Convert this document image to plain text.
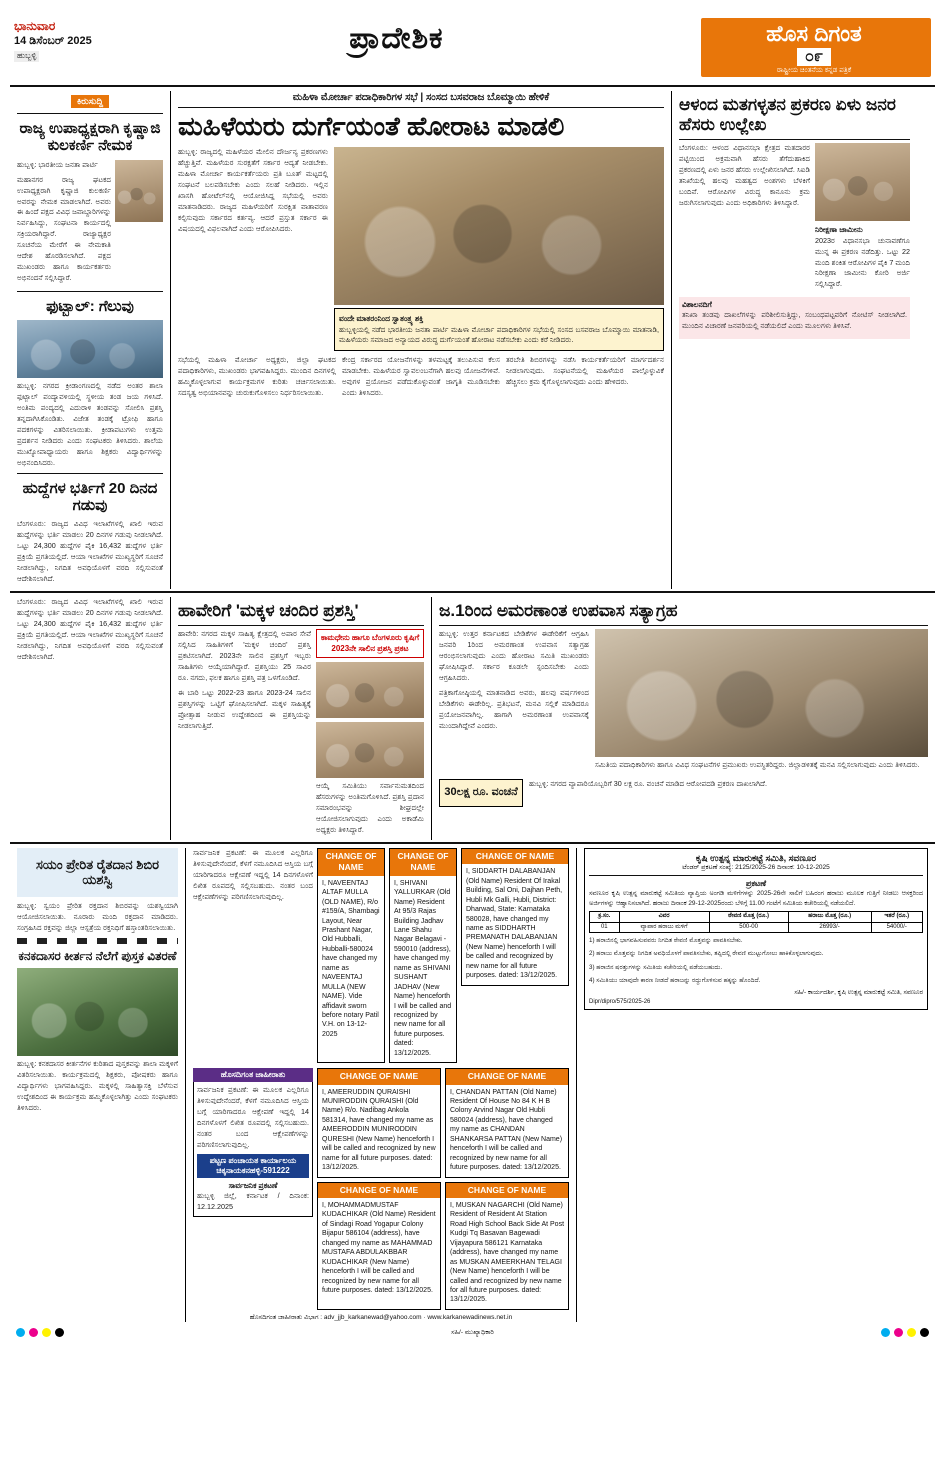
ಭಾನುವಾರ
14 ಡಿಸೆಂಬರ್ 2025
ಹುಬ್ಬಳ್ಳಿ
ಪ್ರಾದೇಶಿಕ	ಹೊಸ ದಿಗಂತ
೦೯
ರಾಷ್ಟ್ರೀಯ ಚಿಂತನೆಯ ಕನ್ನಡ ಪತ್ರಿಕೆ
ಕಿರುಸುದ್ದಿ
ರಾಜ್ಯ ಉಪಾಧ್ಯಕ್ಷರಾಗಿ ಕೃಷ್ಣಾಜಿ ಕುಲಕರ್ಣಿ ನೇಮಕ

ಹುಬ್ಬಳ್ಳಿ: ಭಾರತೀಯ ಜನತಾ ಪಾರ್ಟಿ

ಮಹಾನಗರ ರಾಜ್ಯ ಘಟಕದ ಉಪಾಧ್ಯಕ್ಷರಾಗಿ ಕೃಷ್ಣಾಜಿ ಕುಲಕರ್ಣಿ ಅವರನ್ನು ನೇಮಕ ಮಾಡಲಾಗಿದೆ. ಅವರು ಈ ಹಿಂದೆ ಪಕ್ಷದ ವಿವಿಧ ಜವಾಬ್ದಾರಿಗಳನ್ನು ನಿರ್ವಹಿಸಿದ್ದು, ಸಂಘಟನಾ ಕಾರ್ಯದಲ್ಲಿ ಸಕ್ರಿಯರಾಗಿದ್ದಾರೆ. ರಾಜ್ಯಾಧ್ಯಕ್ಷರ ಸೂಚನೆಯ ಮೇರೆಗೆ ಈ ನೇಮಕಾತಿ ಆದೇಶ ಹೊರಡಿಸಲಾಗಿದೆ. ಪಕ್ಷದ ಮುಖಂಡರು ಹಾಗೂ ಕಾರ್ಯಕರ್ತರು ಅಭಿನಂದನೆ ಸಲ್ಲಿಸಿದ್ದಾರೆ.

ಫುಟ್ಬಾಲ್: ಗೆಲುವು

ಹುಬ್ಬಳ್ಳಿ: ನಗರದ ಕ್ರೀಡಾಂಗಣದಲ್ಲಿ ನಡೆದ ಅಂತರ ಶಾಲಾ ಫುಟ್ಬಾಲ್ ಪಂದ್ಯಾವಳಿಯಲ್ಲಿ ಸ್ಥಳೀಯ ತಂಡ ಜಯ ಗಳಿಸಿದೆ. ಅಂತಿಮ ಪಂದ್ಯದಲ್ಲಿ ಎದುರಾಳಿ ತಂಡವನ್ನು ಸೋಲಿಸಿ ಪ್ರಶಸ್ತಿ ತನ್ನದಾಗಿಸಿಕೊಂಡಿತು. ವಿಜೇತ ತಂಡಕ್ಕೆ ಟ್ರೋಫಿ ಹಾಗೂ ಪದಕಗಳನ್ನು ವಿತರಿಸಲಾಯಿತು. ಕ್ರೀಡಾಪಟುಗಳು ಉತ್ತಮ ಪ್ರದರ್ಶನ ನೀಡಿದರು ಎಂದು ಸಂಘಟಕರು ತಿಳಿಸಿದರು. ಶಾಲೆಯ ಮುಖ್ಯೋಪಾಧ್ಯಾಯರು ಹಾಗೂ ಶಿಕ್ಷಕರು ವಿದ್ಯಾರ್ಥಿಗಳನ್ನು ಅಭಿನಂದಿಸಿದರು.

ಹುದ್ದೆಗಳ ಭರ್ತಿಗೆ 20 ದಿನದ ಗಡುವು

ಬೆಂಗಳೂರು: ರಾಜ್ಯದ ವಿವಿಧ ಇಲಾಖೆಗಳಲ್ಲಿ ಖಾಲಿ ಇರುವ ಹುದ್ದೆಗಳನ್ನು ಭರ್ತಿ ಮಾಡಲು 20 ದಿನಗಳ ಗಡುವು ನೀಡಲಾಗಿದೆ. ಒಟ್ಟು 24,300 ಹುದ್ದೆಗಳ ಪೈಕಿ 16,432 ಹುದ್ದೆಗಳ ಭರ್ತಿ ಪ್ರಕ್ರಿಯೆ ಪ್ರಗತಿಯಲ್ಲಿದೆ. ಆಯಾ ಇಲಾಖೆಗಳ ಮುಖ್ಯಸ್ಥರಿಗೆ ಸೂಚನೆ ನೀಡಲಾಗಿದ್ದು, ನಿಗದಿತ ಅವಧಿಯೊಳಗೆ ವರದಿ ಸಲ್ಲಿಸುವಂತೆ ಆದೇಶಿಸಲಾಗಿದೆ.

ಮಹಿಳಾ ಮೋರ್ಚಾ ಪದಾಧಿಕಾರಿಗಳ ಸಭೆ | ಸಂಸದ ಬಸವರಾಜ ಬೊಮ್ಮಾಯಿ ಹೇಳಿಕೆ
ಮಹಿಳೆಯರು ದುರ್ಗೆಯಂತೆ ಹೋರಾಟ ಮಾಡಲಿ

ಹುಬ್ಬಳ್ಳಿ: ರಾಜ್ಯದಲ್ಲಿ ಮಹಿಳೆಯರ ಮೇಲಿನ ದೌರ್ಜನ್ಯ ಪ್ರಕರಣಗಳು ಹೆಚ್ಚುತ್ತಿವೆ. ಮಹಿಳೆಯರ ಸುರಕ್ಷತೆಗೆ ಸರ್ಕಾರ ಆದ್ಯತೆ ನೀಡಬೇಕು. ಮಹಿಳಾ ಮೋರ್ಚಾ ಕಾರ್ಯಕರ್ತೆಯರು ಪ್ರತಿ ಬೂತ್ ಮಟ್ಟದಲ್ಲಿ ಸಂಘಟನೆ ಬಲಪಡಿಸಬೇಕು ಎಂದು ಸಲಹೆ ನೀಡಿದರು. ಇಲ್ಲಿನ ಖಾಸಗಿ ಹೋಟೆಲ್‌ನಲ್ಲಿ ಆಯೋಜಿಸಿದ್ದ ಸಭೆಯಲ್ಲಿ ಅವರು ಮಾತನಾಡಿದರು. ರಾಜ್ಯದ ಮಹಿಳೆಯರಿಗೆ ಸುರಕ್ಷಿತ ವಾತಾವರಣ ಕಲ್ಪಿಸುವುದು ಸರ್ಕಾರದ ಕರ್ತವ್ಯ. ಆದರೆ ಪ್ರಸ್ತುತ ಸರ್ಕಾರ ಈ ವಿಷಯದಲ್ಲಿ ವಿಫಲವಾಗಿದೆ ಎಂದು ಆರೋಪಿಸಿದರು.

ವಂದೇ ಮಾತರಂನಿಂದ ಸ್ವಾತಂತ್ರ್ಯ ಶಕ್ತಿ
ಹುಬ್ಬಳ್ಳಿಯಲ್ಲಿ ನಡೆದ ಭಾರತೀಯ ಜನತಾ ಪಾರ್ಟಿ ಮಹಿಳಾ ಮೋರ್ಚಾ ಪದಾಧಿಕಾರಿಗಳ ಸಭೆಯಲ್ಲಿ ಸಂಸದ ಬಸವರಾಜ ಬೊಮ್ಮಾಯಿ ಮಾತನಾಡಿ, ಮಹಿಳೆಯರು ಸಮಾಜದ ಅನ್ಯಾಯದ ವಿರುದ್ಧ ದುರ್ಗೆಯಂತೆ ಹೋರಾಟ ನಡೆಸಬೇಕು ಎಂದು ಕರೆ ನೀಡಿದರು.

ಸಭೆಯಲ್ಲಿ ಮಹಿಳಾ ಮೋರ್ಚಾ ಅಧ್ಯಕ್ಷರು, ಜಿಲ್ಲಾ ಘಟಕದ ಪದಾಧಿಕಾರಿಗಳು, ಮುಖಂಡರು ಭಾಗವಹಿಸಿದ್ದರು. ಮುಂದಿನ ದಿನಗಳಲ್ಲಿ ಹಮ್ಮಿಕೊಳ್ಳಲಾಗುವ ಕಾರ್ಯಕ್ರಮಗಳ ಕುರಿತು ಚರ್ಚಿಸಲಾಯಿತು. ಸದಸ್ಯತ್ವ ಅಭಿಯಾನವನ್ನು ಚುರುಕುಗೊಳಿಸಲು ನಿರ್ಧರಿಸಲಾಯಿತು.

ಕೇಂದ್ರ ಸರ್ಕಾರದ ಯೋಜನೆಗಳನ್ನು ತಳಮಟ್ಟಕ್ಕೆ ತಲುಪಿಸುವ ಕೆಲಸ ಮಾಡಬೇಕು. ಮಹಿಳೆಯರ ಸ್ವಾವಲಂಬನೆಗಾಗಿ ಹಲವು ಯೋಜನೆಗಳಿವೆ. ಅವುಗಳ ಪ್ರಯೋಜನ ಪಡೆದುಕೊಳ್ಳುವಂತೆ ಜಾಗೃತಿ ಮೂಡಿಸಬೇಕು ಎಂದು ತಿಳಿಸಿದರು.

ತರಬೇತಿ ಶಿಬಿರಗಳನ್ನು ನಡೆಸಿ ಕಾರ್ಯಕರ್ತೆಯರಿಗೆ ಮಾರ್ಗದರ್ಶನ ನೀಡಲಾಗುವುದು. ಸಂಘಟನೆಯಲ್ಲಿ ಮಹಿಳೆಯರ ಪಾಲ್ಗೊಳ್ಳುವಿಕೆ ಹೆಚ್ಚಿಸಲು ಕ್ರಮ ಕೈಗೊಳ್ಳಲಾಗುವುದು ಎಂದು ಹೇಳಿದರು.

ಆಳಂದ ಮತಗಳ್ಳತನ ಪ್ರಕರಣ ಏಳು ಜನರ ಹೆಸರು ಉಲ್ಲೇಖ

ಬೆಂಗಳೂರು: ಆಳಂದ ವಿಧಾನಸಭಾ ಕ್ಷೇತ್ರದ ಮತದಾರರ ಪಟ್ಟಿಯಿಂದ ಅಕ್ರಮವಾಗಿ ಹೆಸರು ತೆಗೆದುಹಾಕಿದ ಪ್ರಕರಣದಲ್ಲಿ ಏಳು ಜನರ ಹೆಸರು ಉಲ್ಲೇಖಿಸಲಾಗಿದೆ. ಸಿಐಡಿ ತನಿಖೆಯಲ್ಲಿ ಹಲವು ಮಹತ್ವದ ಅಂಶಗಳು ಬೆಳಕಿಗೆ ಬಂದಿವೆ. ಆರೋಪಿಗಳ ವಿರುದ್ಧ ಕಾನೂನು ಕ್ರಮ ಜರುಗಿಸಲಾಗುವುದು ಎಂದು ಅಧಿಕಾರಿಗಳು ತಿಳಿಸಿದ್ದಾರೆ.

ನಿರೀಕ್ಷಣಾ ಜಾಮೀನು

2023ರ ವಿಧಾನಸಭಾ ಚುನಾವಣೆಗೂ ಮುನ್ನ ಈ ಪ್ರಕರಣ ನಡೆದಿತ್ತು. ಒಟ್ಟು 22 ಮಂದಿ ಶಂಕಿತ ಆರೋಪಿಗಳ ಪೈಕಿ 7 ಮಂದಿ ನಿರೀಕ್ಷಣಾ ಜಾಮೀನು ಕೋರಿ ಅರ್ಜಿ ಸಲ್ಲಿಸಿದ್ದಾರೆ.

ವಿಶಾಲನದಿಗೆ

ತನಿಖಾ ತಂಡವು ದಾಖಲೆಗಳನ್ನು ಪರಿಶೀಲಿಸುತ್ತಿದ್ದು, ಸಂಬಂಧಪಟ್ಟವರಿಗೆ ನೋಟಿಸ್ ನೀಡಲಾಗಿದೆ. ಮುಂದಿನ ವಿಚಾರಣೆ ಜನವರಿಯಲ್ಲಿ ನಡೆಯಲಿದೆ ಎಂದು ಮೂಲಗಳು ತಿಳಿಸಿವೆ.

ಬೆಂಗಳೂರು: ರಾಜ್ಯದ ವಿವಿಧ ಇಲಾಖೆಗಳಲ್ಲಿ ಖಾಲಿ ಇರುವ ಹುದ್ದೆಗಳನ್ನು ಭರ್ತಿ ಮಾಡಲು 20 ದಿನಗಳ ಗಡುವು ನೀಡಲಾಗಿದೆ. ಒಟ್ಟು 24,300 ಹುದ್ದೆಗಳ ಪೈಕಿ 16,432 ಹುದ್ದೆಗಳ ಭರ್ತಿ ಪ್ರಕ್ರಿಯೆ ಪ್ರಗತಿಯಲ್ಲಿದೆ. ಆಯಾ ಇಲಾಖೆಗಳ ಮುಖ್ಯಸ್ಥರಿಗೆ ಸೂಚನೆ ನೀಡಲಾಗಿದ್ದು, ನಿಗದಿತ ಅವಧಿಯೊಳಗೆ ವರದಿ ಸಲ್ಲಿಸುವಂತೆ ಆದೇಶಿಸಲಾಗಿದೆ.

ಹಾವೇರಿಗೆ 'ಮಕ್ಕಳ ಚಂದಿರ ಪ್ರಶಸ್ತಿ'

ಹಾವೇರಿ: ನಗರದ ಮಕ್ಕಳ ಸಾಹಿತ್ಯ ಕ್ಷೇತ್ರದಲ್ಲಿ ಅಪಾರ ಸೇವೆ ಸಲ್ಲಿಸಿದ ಸಾಹಿತಿಗಳಿಗೆ 'ಮಕ್ಕಳ ಚಂದಿರ' ಪ್ರಶಸ್ತಿ ಪ್ರಕಟಿಸಲಾಗಿದೆ. 2023ನೇ ಸಾಲಿನ ಪ್ರಶಸ್ತಿಗೆ ಇಬ್ಬರು ಸಾಹಿತಿಗಳು ಆಯ್ಕೆಯಾಗಿದ್ದಾರೆ. ಪ್ರಶಸ್ತಿಯು 25 ಸಾವಿರ ರೂ. ನಗದು, ಫಲಕ ಹಾಗೂ ಪ್ರಶಸ್ತಿ ಪತ್ರ ಒಳಗೊಂಡಿದೆ.

ಈ ಬಾರಿ ಒಟ್ಟು 2022-23 ಹಾಗೂ 2023-24 ಸಾಲಿನ ಪ್ರಶಸ್ತಿಗಳನ್ನು ಒಟ್ಟಿಗೆ ಘೋಷಿಸಲಾಗಿದೆ. ಮಕ್ಕಳ ಸಾಹಿತ್ಯಕ್ಕೆ ಪ್ರೋತ್ಸಾಹ ನೀಡುವ ಉದ್ದೇಶದಿಂದ ಈ ಪ್ರಶಸ್ತಿಯನ್ನು ನೀಡಲಾಗುತ್ತಿದೆ.

ಕಾಮಧೇನು ಹಾಗೂ ಬೆಂಗಳೂರು ಕೃಷಿಗೆ 2023ನೇ ಸಾಲಿನ ಪ್ರಶಸ್ತಿ ಪ್ರಕಟ

ಆಯ್ಕೆ ಸಮಿತಿಯು ಸರ್ವಾನುಮತದಿಂದ ಹೆಸರುಗಳನ್ನು ಅಂತಿಮಗೊಳಿಸಿದೆ. ಪ್ರಶಸ್ತಿ ಪ್ರದಾನ ಸಮಾರಂಭವನ್ನು ಶೀಘ್ರದಲ್ಲೇ ಆಯೋಜಿಸಲಾಗುವುದು ಎಂದು ಅಕಾಡೆಮಿ ಅಧ್ಯಕ್ಷರು ತಿಳಿಸಿದ್ದಾರೆ.

ಜ.1ರಿಂದ ಅಮರಣಾಂತ ಉಪವಾಸ ಸತ್ಯಾಗ್ರಹ

ಹುಬ್ಬಳ್ಳಿ: ಉತ್ತರ ಕರ್ನಾಟಕದ ಬೇಡಿಕೆಗಳ ಈಡೇರಿಕೆಗೆ ಆಗ್ರಹಿಸಿ ಜನವರಿ 1ರಿಂದ ಅಮರಣಾಂತ ಉಪವಾಸ ಸತ್ಯಾಗ್ರಹ ಆರಂಭಿಸಲಾಗುವುದು ಎಂದು ಹೋರಾಟ ಸಮಿತಿ ಮುಖಂಡರು ಘೋಷಿಸಿದ್ದಾರೆ. ಸರ್ಕಾರ ಕೂಡಲೇ ಸ್ಪಂದಿಸಬೇಕು ಎಂದು ಆಗ್ರಹಿಸಿದರು.

ಪತ್ರಿಕಾಗೋಷ್ಠಿಯಲ್ಲಿ ಮಾತನಾಡಿದ ಅವರು, ಹಲವು ವರ್ಷಗಳಿಂದ ಬೇಡಿಕೆಗಳು ಈಡೇರಿಲ್ಲ. ಪ್ರತಿಭಟನೆ, ಮನವಿ ಸಲ್ಲಿಕೆ ಮಾಡಿದರೂ ಪ್ರಯೋಜನವಾಗಿಲ್ಲ. ಹಾಗಾಗಿ ಅಮರಣಾಂತ ಉಪವಾಸಕ್ಕೆ ಮುಂದಾಗಿದ್ದೇವೆ ಎಂದರು.

ಸಮಿತಿಯ ಪದಾಧಿಕಾರಿಗಳು ಹಾಗೂ ವಿವಿಧ ಸಂಘಟನೆಗಳ ಪ್ರಮುಖರು ಉಪಸ್ಥಿತರಿದ್ದರು. ಜಿಲ್ಲಾಡಳಿತಕ್ಕೆ ಮನವಿ ಸಲ್ಲಿಸಲಾಗುವುದು ಎಂದು ತಿಳಿಸಿದರು.

30ಲಕ್ಷ ರೂ. ವಂಚನೆ

ಹುಬ್ಬಳ್ಳಿ: ನಗರದ ವ್ಯಾಪಾರಿಯೊಬ್ಬರಿಗೆ 30 ಲಕ್ಷ ರೂ. ವಂಚನೆ ಮಾಡಿದ ಆರೋಪದಡಿ ಪ್ರಕರಣ ದಾಖಲಾಗಿದೆ.

ಸಯಂ ಪ್ರೇರಿತ ರೈತದಾನ ಶಿಬಿರ ಯಶಸ್ವಿ

ಹುಬ್ಬಳ್ಳಿ: ಸ್ವಯಂ ಪ್ರೇರಿತ ರಕ್ತದಾನ ಶಿಬಿರವನ್ನು ಯಶಸ್ವಿಯಾಗಿ ಆಯೋಜಿಸಲಾಯಿತು. ನೂರಾರು ಮಂದಿ ರಕ್ತದಾನ ಮಾಡಿದರು. ಸಂಗ್ರಹಿಸಿದ ರಕ್ತವನ್ನು ಜಿಲ್ಲಾ ಆಸ್ಪತ್ರೆಯ ರಕ್ತನಿಧಿಗೆ ಹಸ್ತಾಂತರಿಸಲಾಯಿತು.

ಕನಕದಾಸರ ಕೀರ್ತನ ನೆಲೆಗೆ ಪುಸ್ತಕ ವಿತರಣೆ

ಹುಬ್ಬಳ್ಳಿ: ಕನಕದಾಸರ ಕೀರ್ತನೆಗಳ ಕುರಿತಾದ ಪುಸ್ತಕವನ್ನು ಶಾಲಾ ಮಕ್ಕಳಿಗೆ ವಿತರಿಸಲಾಯಿತು. ಕಾರ್ಯಕ್ರಮದಲ್ಲಿ ಶಿಕ್ಷಕರು, ಪೋಷಕರು ಹಾಗೂ ವಿದ್ಯಾರ್ಥಿಗಳು ಭಾಗವಹಿಸಿದ್ದರು. ಮಕ್ಕಳಲ್ಲಿ ಸಾಹಿತ್ಯಾಸಕ್ತಿ ಬೆಳೆಸುವ ಉದ್ದೇಶದಿಂದ ಈ ಕಾರ್ಯಕ್ರಮ ಹಮ್ಮಿಕೊಳ್ಳಲಾಗಿತ್ತು ಎಂದು ಸಂಘಟಕರು ತಿಳಿಸಿದರು.

ಸಾರ್ವಜನಿಕ ಪ್ರಕಟಣೆ: ಈ ಮೂಲಕ ಎಲ್ಲರಿಗೂ ತಿಳಿಸುವುದೇನೆಂದರೆ, ಕೆಳಗೆ ನಮೂದಿಸಿದ ಆಸ್ತಿಯ ಬಗ್ಗೆ ಯಾರಿಗಾದರೂ ಆಕ್ಷೇಪಣೆ ಇದ್ದಲ್ಲಿ 14 ದಿನಗಳೊಳಗೆ ಲಿಖಿತ ರೂಪದಲ್ಲಿ ಸಲ್ಲಿಸಬಹುದು. ನಂತರ ಬಂದ ಆಕ್ಷೇಪಣೆಗಳನ್ನು ಪರಿಗಣಿಸಲಾಗುವುದಿಲ್ಲ.

CHANGE OF NAME
I, NAVEENTAJ ALTAF MULLA (OLD NAME), R/o #159/A, Shambagi Layout, Near Prashant Nagar, Old Hubballi, Hubballi-580024 have changed my name as NAVEENTAJ MULLA (NEW NAME). Vide affidavit sworn before notary Patil V.H. on 13-12-2025
CHANGE OF NAME
I, SHIVANI YALLURKAR (Old Name) Resident At 95/3 Rajas Building Jadhav Lane Shahu Nagar Belagavi - 590010 (address), have changed my name as SHIVANI SUSHANT JADHAV (New Name) henceforth I will be called and recognized by new name for all future purposes. dated: 13/12/2025.
CHANGE OF NAME
I, SIDDARTH DALABANJAN (Old Name) Resident Of Irakal Building, Sal Oni, Dajhan Peth, Hubli Mk Galli, Hubli, District: Dharwad, State: Karnataka 580028, have changed my name as SIDDHARTH PREMANATH DALABANJAN (New Name) henceforth I will be called and recognized by new name for all future purposes. dated: 13/12/2025.
ಹೊಸದಿಗಂತ ಜಾಹೀರಾತು
ಸಾರ್ವಜನಿಕ ಪ್ರಕಟಣೆ: ಈ ಮೂಲಕ ಎಲ್ಲರಿಗೂ ತಿಳಿಸುವುದೇನೆಂದರೆ, ಕೆಳಗೆ ನಮೂದಿಸಿದ ಆಸ್ತಿಯ ಬಗ್ಗೆ ಯಾರಿಗಾದರೂ ಆಕ್ಷೇಪಣೆ ಇದ್ದಲ್ಲಿ 14 ದಿನಗಳೊಳಗೆ ಲಿಖಿತ ರೂಪದಲ್ಲಿ ಸಲ್ಲಿಸಬಹುದು. ನಂತರ ಬಂದ ಆಕ್ಷೇಪಣೆಗಳನ್ನು ಪರಿಗಣಿಸಲಾಗುವುದಿಲ್ಲ.
ಪಟ್ಟಣ ಪಂಚಾಯತ ಕಾರ್ಯಾಲಯ ಚಿಕ್ಕನಾಯಕನಹಳ್ಳಿ-591222
ಸಾರ್ವಜನಿಕ ಪ್ರಕಟಣೆ
ಹುಬ್ಬಳ್ಳಿ ಜಿಲ್ಲೆ, ಕರ್ನಾಟಕ / ದಿನಾಂಕ: 12.12.2025
CHANGE OF NAME
I, AMEERUDDIN QURAISHI MUNIRODDIN QURAISHI (Old Name) R/o. Nadibag Ankola 581314, have changed my name as AMEERODDIN MUNIRODDIN QURESHI (New Name) henceforth I will be called and recognized by new name for all future purposes. dated: 13/12/2025.
CHANGE OF NAME
I, CHANDAN PATTAN (Old Name) Resident Of House No 84 K H B Colony Arvind Nagar Old Hubli 580024 (address), have changed my name as CHANDAN SHANKARSA PATTAN (New Name) henceforth I will be called and recognized by new name for all future purposes. dated: 13/12/2025.
CHANGE OF NAME
I, MOHAMMADMUSTAF KUDACHIKAR (Old Name) Resident of Sindagi Road Yogapur Colony Bijapur 586104 (address), have changed my name as MAHAMMAD MUSTAFA ABDULAKBBAR KUDACHIKAR (New Name) henceforth I will be called and recognized by new name for all future purposes. dated: 13/12/2025.
CHANGE OF NAME
I, MUSKAN NAGARCHI (Old Name) Resident of Resident At Station Road High School Back Side At Post Kudgi Tq Basavan Bagewadi Vijayapura 586121 Karnataka (address), have changed my name as MUSKAN AMEERKHAN TELAGI (New Name) henceforth I will be called and recognized by new name for all future purposes. dated: 13/12/2025.
ಹೊಸದಿಗಂತ ಜಾಹೀರಾತು ವಿಭಾಗ : adv_jjb_karkanewad@yahoo.com · www.karkanewadinews.net.in
ಕೃಷಿ ಉತ್ಪನ್ನ ಮಾರುಕಟ್ಟೆ ಸಮಿತಿ, ಸವಣೂರ
ಟೆಂಡರ್ ಪ್ರಕಟಣೆ ಸಂಖ್ಯೆ: 2125/2025-26 ದಿನಾಂಕ: 10-12-2025
ಪ್ರಕಟಣೆ
ಸವಣೂರ ಕೃಷಿ ಉತ್ಪನ್ನ ಮಾರುಕಟ್ಟೆ ಸಮಿತಿಯ ವ್ಯಾಪ್ತಿಯ ಅಂಗಡಿ ಮಳಿಗೆಗಳನ್ನು 2025-26ನೇ ಸಾಲಿಗೆ ಬಹಿರಂಗ ಹರಾಜು ಮೂಲಕ ಗುತ್ತಿಗೆ ನೀಡಲು ಆಸಕ್ತರಿಂದ ಅರ್ಜಿಗಳನ್ನು ಆಹ್ವಾನಿಸಲಾಗಿದೆ. ಹರಾಜು ದಿನಾಂಕ 29-12-2025ರಂದು ಬೆಳಿಗ್ಗೆ 11.00 ಗಂಟೆಗೆ ಸಮಿತಿಯ ಕಚೇರಿಯಲ್ಲಿ ನಡೆಯಲಿದೆ.
ಕ್ರ.ಸಂ.	ವಿವರ	ಠೇವಣಿ ಮೊತ್ತ (ರೂ.)	ಹರಾಜು ಮೊತ್ತ (ರೂ.)	ಇತರೆ (ರೂ.)
01	ವ್ಯಾಪಾರ ಹರಾಜು ಮಳಿಗೆ	500-00	26993/-	54000/-

1) ಹರಾಜಿನಲ್ಲಿ ಭಾಗವಹಿಸುವವರು ನಿಗದಿತ ಠೇವಣಿ ಮೊತ್ತವನ್ನು ಪಾವತಿಸಬೇಕು.

2) ಹರಾಜು ಮೊತ್ತವನ್ನು ನಿಗದಿತ ಅವಧಿಯೊಳಗೆ ಪಾವತಿಸಬೇಕು, ತಪ್ಪಿದಲ್ಲಿ ಠೇವಣಿ ಮುಟ್ಟುಗೋಲು ಹಾಕಿಕೊಳ್ಳಲಾಗುವುದು.

3) ಹರಾಜಿನ ಷರತ್ತುಗಳನ್ನು ಸಮಿತಿಯ ಕಚೇರಿಯಲ್ಲಿ ಪಡೆಯಬಹುದು.

4) ಸಮಿತಿಯು ಯಾವುದೇ ಕಾರಣ ನೀಡದೆ ಹರಾಜನ್ನು ರದ್ದುಗೊಳಿಸುವ ಹಕ್ಕನ್ನು ಹೊಂದಿದೆ.

ಸಹಿ/- ಕಾರ್ಯದರ್ಶಿ, ಕೃಷಿ ಉತ್ಪನ್ನ ಮಾರುಕಟ್ಟೆ ಸಮಿತಿ, ಸವಣೂರ
Dipr/dipro/575/2025-26
ಸಹಿ/- ಮುಖ್ಯಾಧಿಕಾರಿ
